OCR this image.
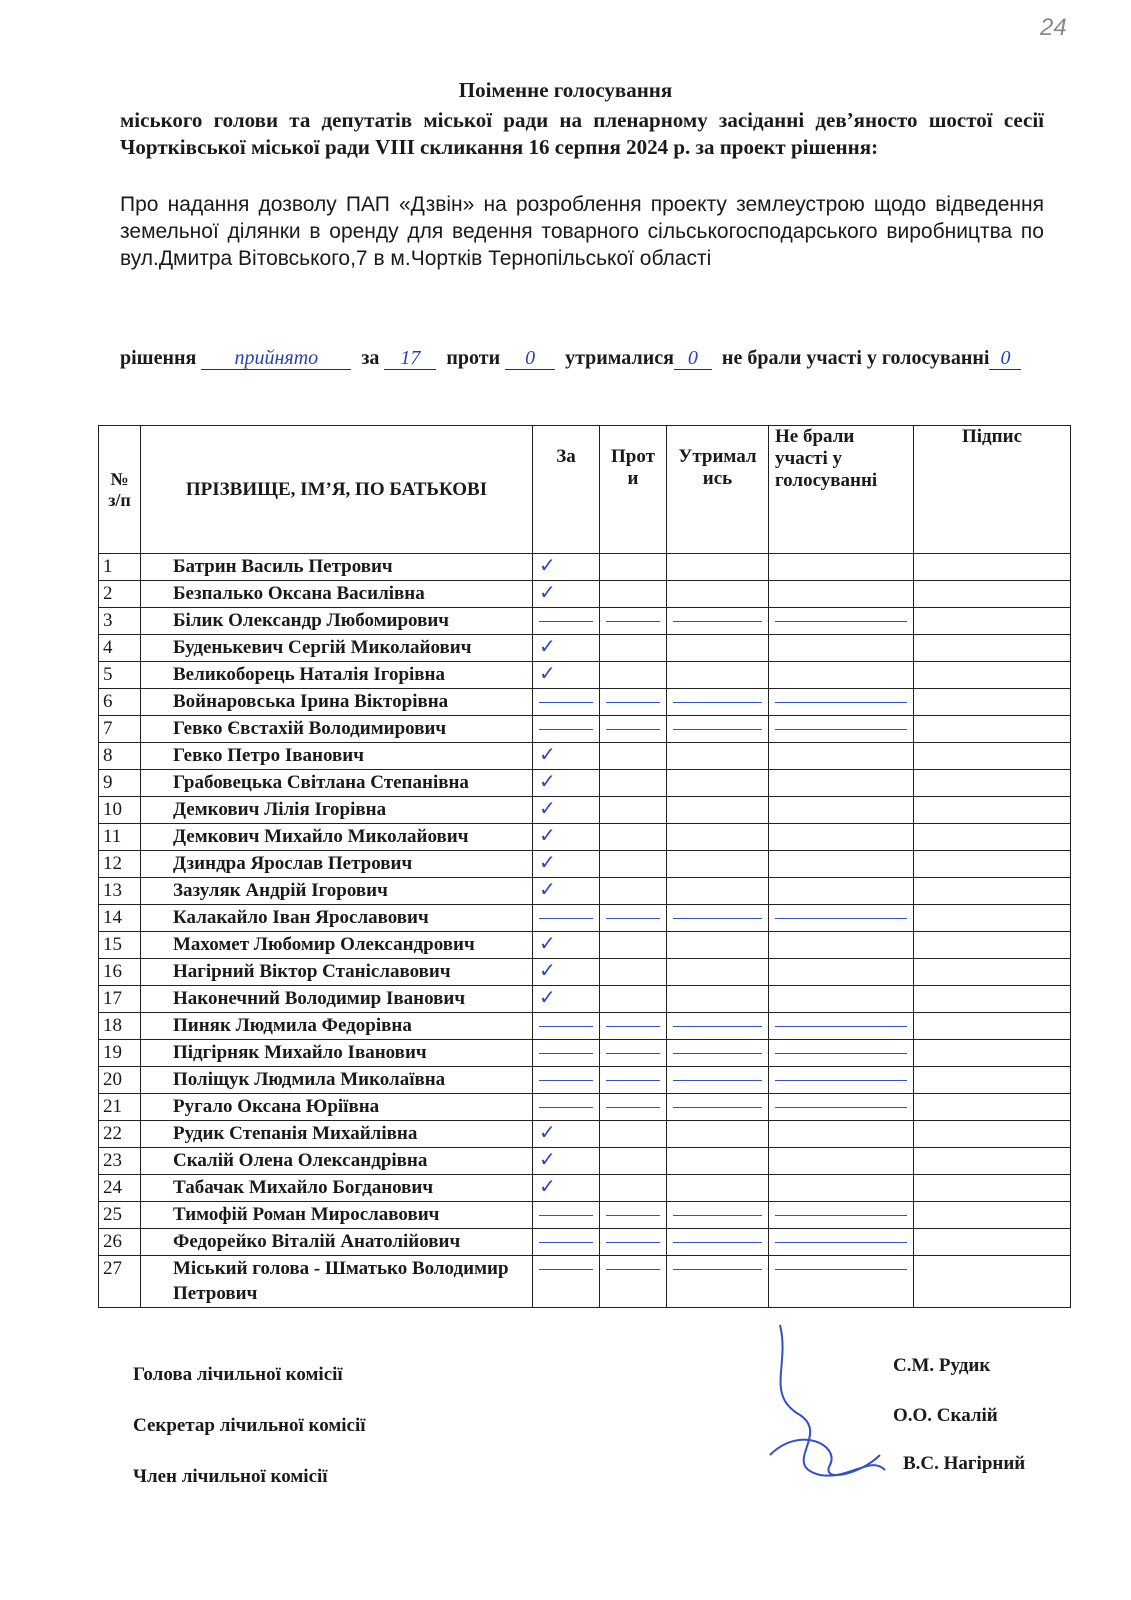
24
Поіменне голосування
міського голови та депутатів міської ради на пленарному засіданні дев’яносто шостої сесії Чортківської міської ради VIII скликання 16 серпня 2024 р. за проект рішення:
Про надання дозволу ПАП «Дзвін» на розроблення проекту землеустрою щодо відведення земельної ділянки в оренду для ведення товарного сільськогосподарського виробництва по вул.Дмитра Вітовського,7 в м.Чортків Тернопільської області
рішення прийнято за 17 проти 0 утрималися 0 не брали участі у голосуванні 0
№ з/п	ПРІЗВИЩЕ, ІМ’Я, ПО БАТЬКОВІ	За	Проти	Утримались	Не брали участі у голосуванні	Підпис
1	Батрин Василь Петрович	✓				

2	Безпалько Оксана Василівна	✓				

3	Білик Олександр Любомирович	

4	Буденькевич Сергій Миколайович	✓				

5	Великоборець Наталія Ігорівна	✓				

6	Войнаровська Ірина Вікторівна	

7	Гевко Євстахій Володимирович	

8	Гевко Петро Іванович	✓				

9	Грабовецька Світлана Степанівна	✓				

10	Демкович Лілія Ігорівна	✓				

11	Демкович Михайло Миколайович	✓				

12	Дзиндра Ярослав Петрович	✓				

13	Зазуляк Андрій Ігорович	✓				

14	Калакайло Іван Ярославович	

15	Махомет Любомир Олександрович	✓				

16	Нагірний Віктор Станіславович	✓				

17	Наконечний Володимир Іванович	✓				

18	Пиняк Людмила Федорівна	

19	Підгірняк Михайло Іванович	

20	Поліщук Людмила Миколаївна	

21	Ругало Оксана Юріївна	

22	Рудик Степанія Михайлівна	✓				

23	Скалій Олена Олександрівна	✓				

24	Табачак Михайло Богданович	✓				

25	Тимофій Роман Мирославович	

26	Федорейко Віталій Анатолійович	

27	Міський голова - Шматько Володимир Петрович	

Голова лічильної комісії
Секретар лічильної комісії
Член лічильної комісії
С.М. Рудик
О.О. Скалій
В.С. Нагірний
